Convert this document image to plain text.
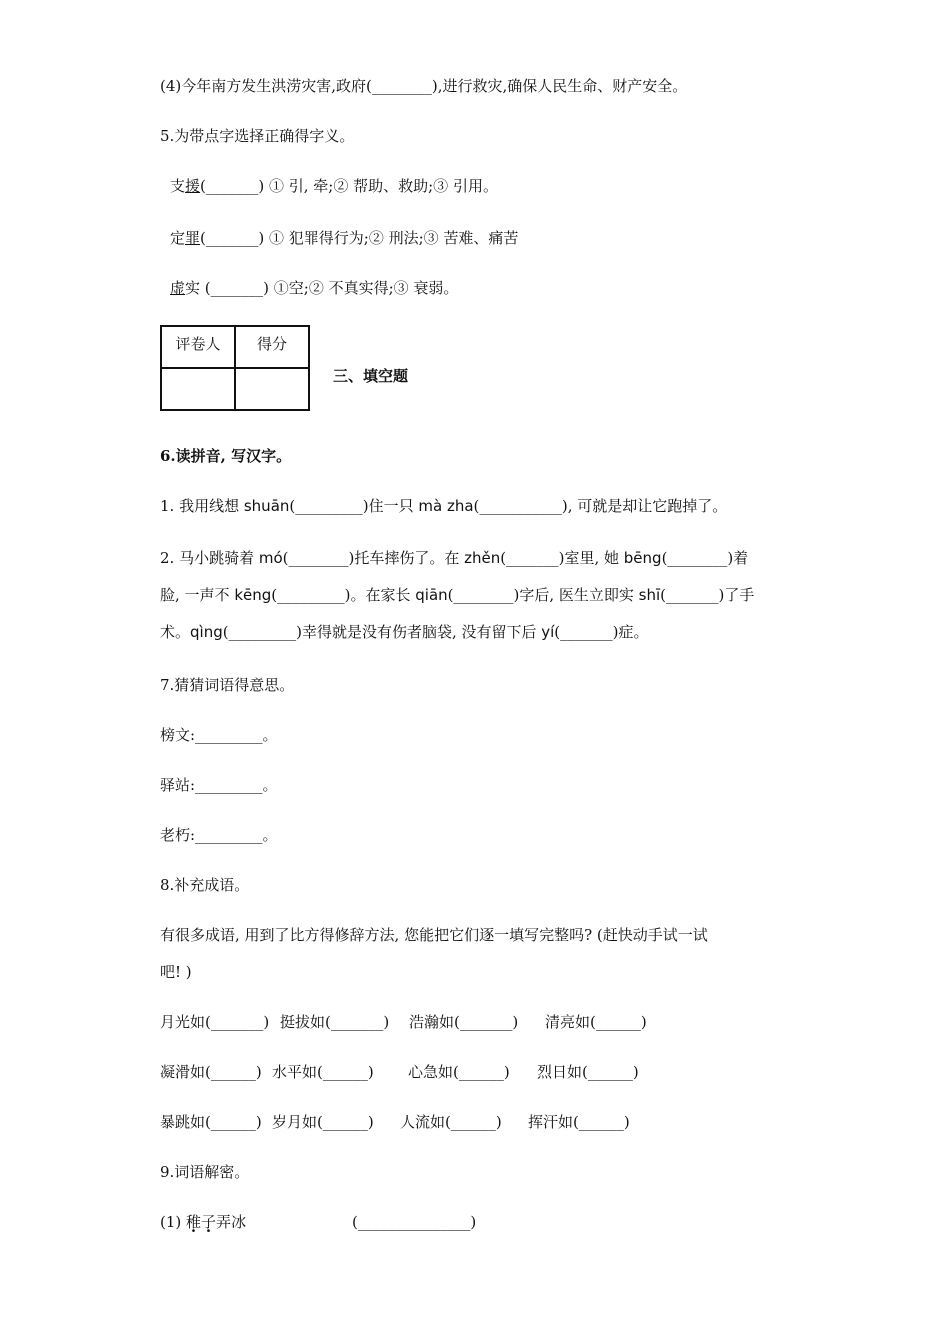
(4)今年南方发生洪涝灾害,政府(________),进行救灾,确保人民生命、财产安全。
5.为带点字选择正确得字义。
支援(_______) ① 引, 牵;② 帮助、救助;③ 引用。
定罪(_______) ① 犯罪得行为;② 刑法;③ 苦难、痛苦
虚实 (_______) ①空;② 不真实得;③ 衰弱。
评卷人	得分

三、填空题
6.读拼音, 写汉字。
1. 我用线想 shuān(_________)住一只 mà zha(___________), 可就是却让它跑掉了。
2. 马小跳骑着 mó(________)托车摔伤了。在 zhěn(_______)室里, 她 bēng(________)着
脸, 一声不 kēng(_________)。在家长 qiān(________)字后, 医生立即实 shī(_______)了手
术。qìng(_________)幸得就是没有伤者脑袋, 没有留下后 yí(_______)症。
7.猜猜词语得意思。
榜文:_________。
驿站:_________。
老朽:_________。
8.补充成语。
有很多成语, 用到了比方得修辞方法, 您能把它们逐一填写完整吗? (赶快动手试一试
吧! )
月光如(_______) 挺拔如(_______) 浩瀚如(_______) 清亮如(______)
凝滑如(______) 水平如(______) 心急如(______) 烈日如(______)
暴跳如(______) 岁月如(______) 人流如(______) 挥汗如(______)
9.词语解密。
(1) 稚子弄冰	(_______________)
